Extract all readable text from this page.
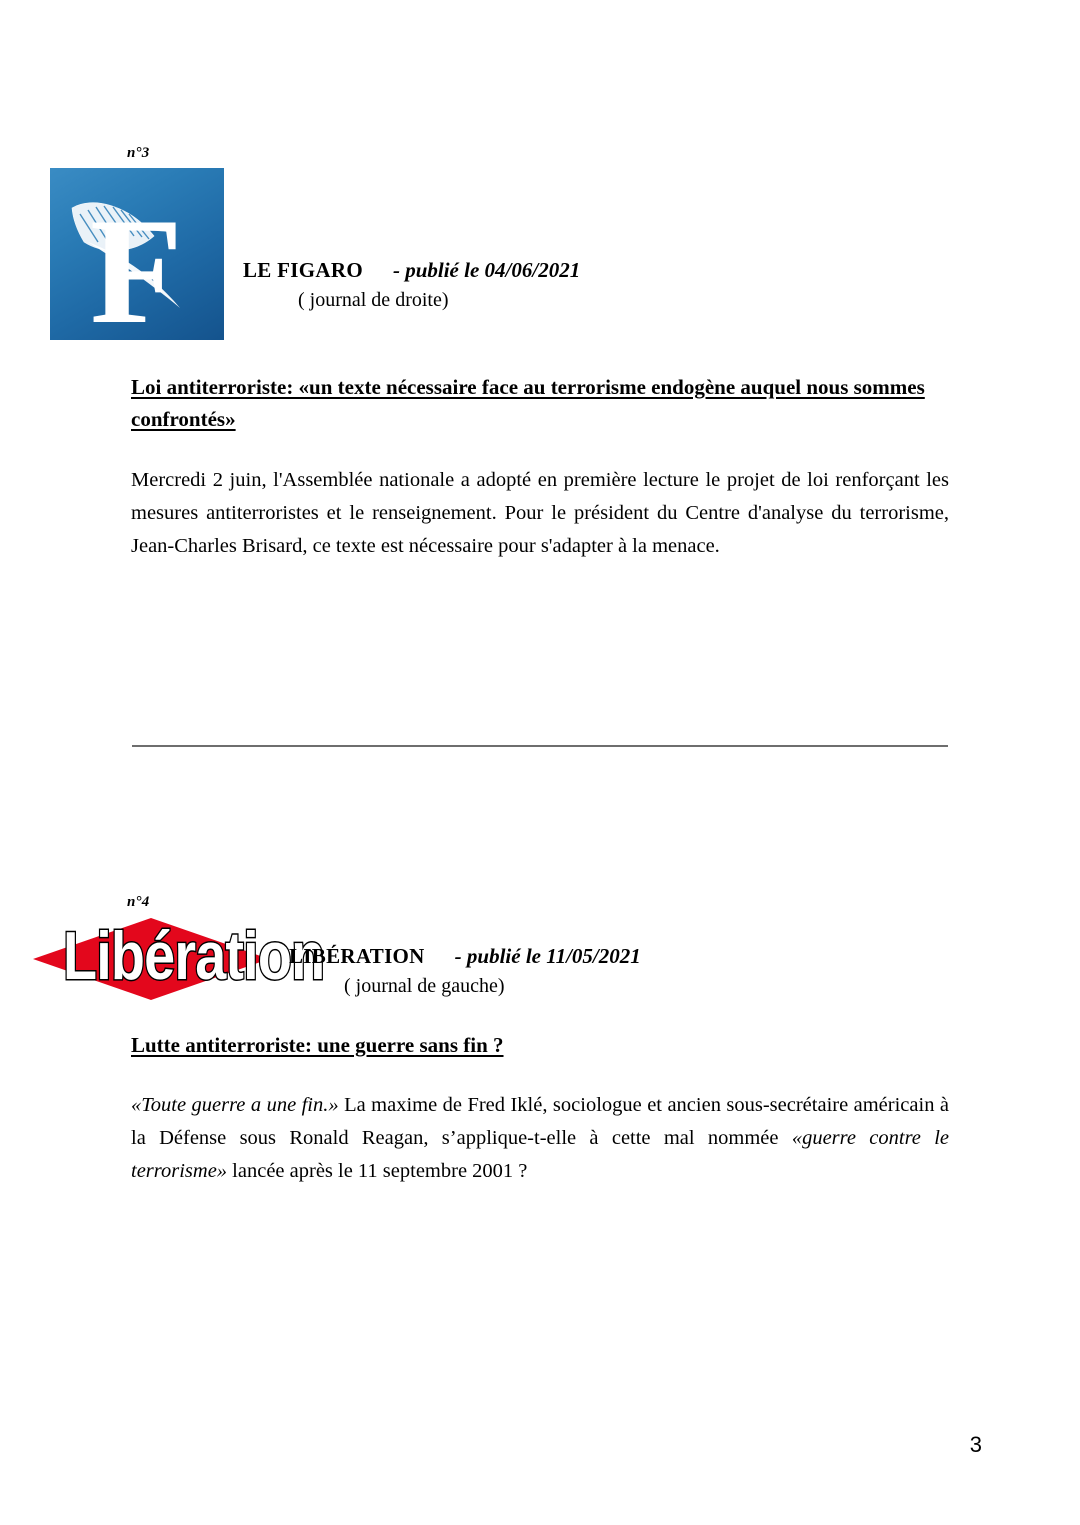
n°3
F	LE FIGARO - publié le 04/06/2021
( journal de droite)
Loi antiterroriste: «un texte nécessaire face au terrorisme endogène auquel nous sommes confrontés»
Mercredi 2 juin, l'Assemblée nationale a adopté en première lecture le projet de loi renforçant les mesures antiterroristes et le renseignement. Pour le président du Centre d'analyse du terrorisme, Jean-Charles Brisard, ce texte est nécessaire pour s'adapter à la menace.
n°4
Libération
LIBÉRATION - publié le 11/05/2021
( journal de gauche)
Lutte antiterroriste: une guerre sans fin ?
«Toute guerre a une fin.» La maxime de Fred Iklé, sociologue et ancien sous-secrétaire américain à la Défense sous Ronald Reagan, s’applique-t-elle à cette mal nommée «guerre contre le terrorisme» lancée après le 11 septembre 2001 ?
3
